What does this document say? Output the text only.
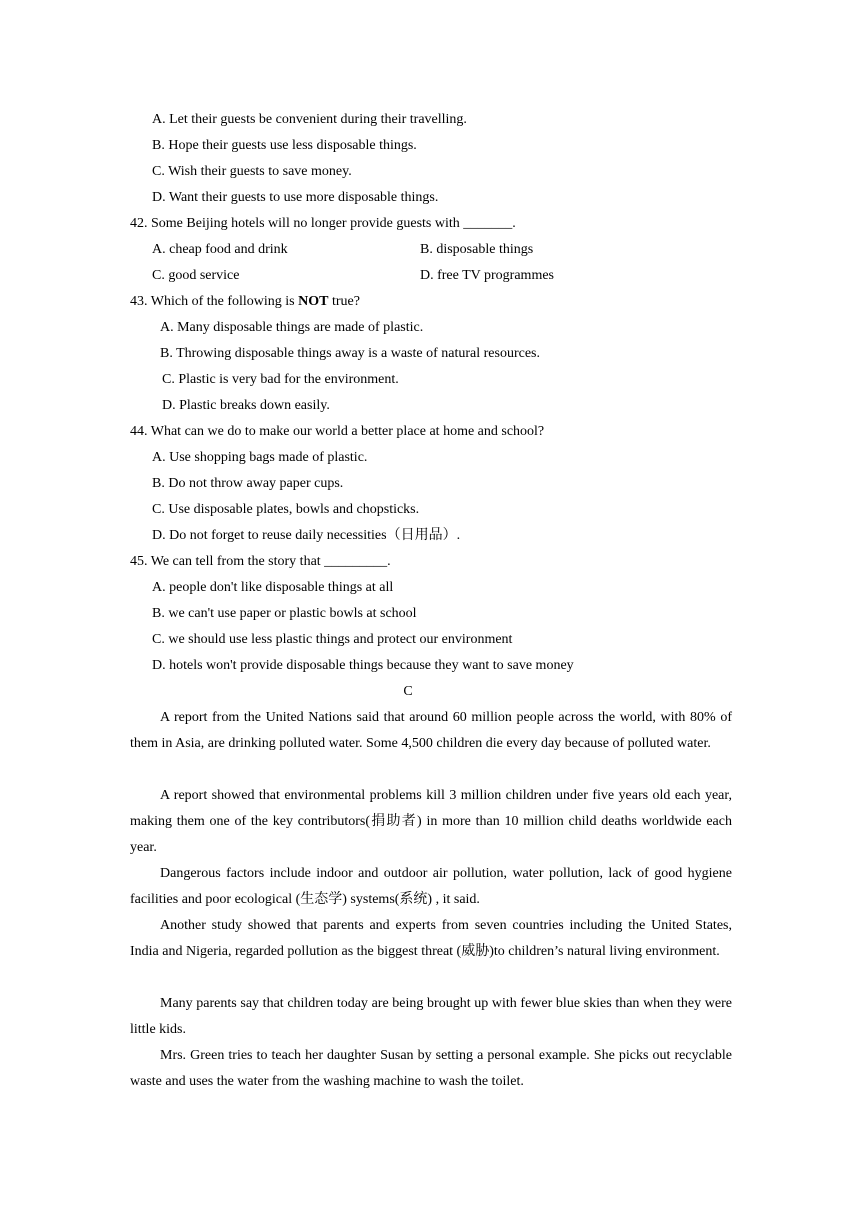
A. Let their guests be convenient during their travelling.
B. Hope their guests use less disposable things.
C. Wish their guests to save money.
D. Want their guests to use more disposable things.
42. Some Beijing hotels will no longer provide guests with _______.
A. cheap food and drink	B. disposable things
C. good service	D. free TV programmes
43. Which of the following is NOT true?
A. Many disposable things are made of plastic.
B. Throwing disposable things away is a waste of natural resources.
C. Plastic is very bad for the environment.
D. Plastic breaks down easily.
44. What can we do to make our world a better place at home and school?
A. Use shopping bags made of plastic.
B. Do not throw away paper cups.
C. Use disposable plates, bowls and chopsticks.
D. Do not forget to reuse daily necessities（日用品）.
45. We can tell from the story that _________.
A. people don't like disposable things at all
B. we can't use paper or plastic bowls at school
C. we should use less plastic things and protect our environment
D. hotels won't provide disposable things because they want to save money
C
A report from the United Nations said that around 60 million people across the world, with 80% of them in Asia, are drinking polluted water. Some 4,500 children die every day because of polluted water.
A report showed that environmental problems kill 3 million children under five years old each year, making them one of the key contributors(捐助者) in more than 10 million child deaths worldwide each year.
Dangerous factors include indoor and outdoor air pollution, water pollution, lack of good hygiene facilities and poor ecological (生态学) systems(系统) , it said.
Another study showed that parents and experts from seven countries including the United States, India and Nigeria, regarded pollution as the biggest threat (威胁)to children’s natural living environment.
Many parents say that children today are being brought up with fewer blue skies than when they were little kids.
Mrs. Green tries to teach her daughter Susan by setting a personal example. She picks out recyclable waste and uses the water from the washing machine to wash the toilet.
